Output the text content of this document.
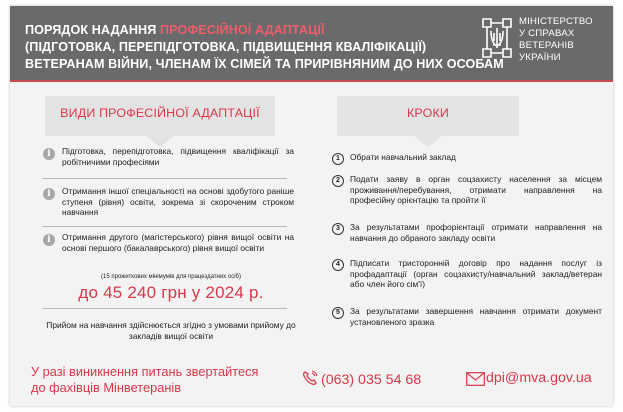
ПОРЯДОК НАДАННЯ ПРОФЕСІЙНОЇ АДАПТАЦІЇ
(ПІДГОТОВКА, ПЕРЕПІДГОТОВКА, ПІДВИЩЕННЯ КВАЛІФІКАЦІЇ)
ВЕТЕРАНАМ ВІЙНИ, ЧЛЕНАМ ЇХ СІМЕЙ ТА ПРИРІВНЯНИМ ДО НИХ ОСОБАМ
МІНІСТЕРСТВО
У СПРАВАХ
ВЕТЕРАНІВ
УКРАЇНИ
ВИДИ ПРОФЕСІЙНОЇ АДАПТАЦІЇ
i	Підготовка, перепідготовка, підвищення кваліфікації за робітничими професіями
i	Отримання іншої спеціальності на основі здобутого раніше ступеня (рівня) освіти, зокрема зі скороченим строком навчання
i	Отримання другого (магістерського) рівня вищої освіти на основі першого (бакалаврського) рівня вищої освіти
(15 прожиткових мінімумів для працездатних осіб)
до 45 240 грн у 2024 р.
Прийом на навчання здійснюється згідно з умовами прийому до закладів вищої освіти
КРОКИ
1	Обрати навчальний заклад
2	Подати заяву в орган соцзахисту населення за місцем проживання/перебування, отримати направлення на професійну орієнтацію та пройти її
3	За результатами профорієнтації отримати направлення на навчання до обраного закладу освіти
4	Підписати тристоронній договір про надання послуг із профадаптації (орган соцзахисту/навчальний заклад/ветеран або член його сім'ї)
5	За результатами завершення навчання отримати документ установленого зразка
У разі виникнення питань звертайтеся
до фахівців Мінветеранів	(063) 035 54 68	dpi@mva.gov.ua
